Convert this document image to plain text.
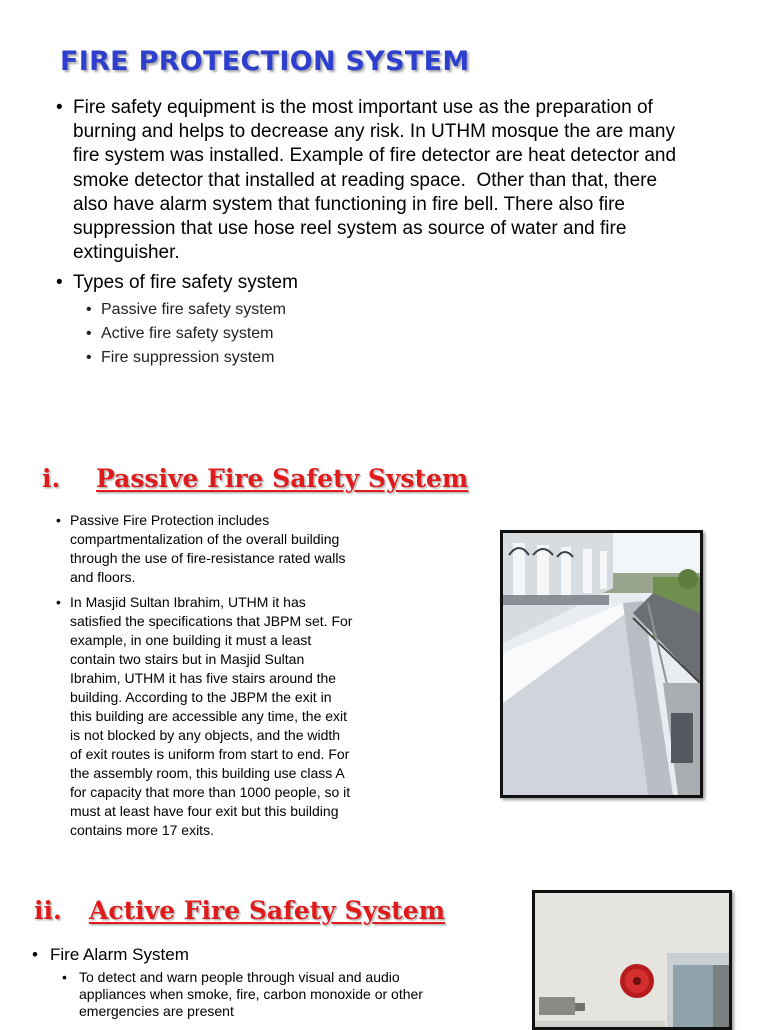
FIRE PROTECTION SYSTEM
• Fire safety equipment is the most important use as the preparation of
burning and helps to decrease any risk. In UTHM mosque the are many
fire system was installed. Example of fire detector are heat detector and
smoke detector that installed at reading space.  Other than that, there
also have alarm system that functioning in fire bell. There also fire
suppression that use hose reel system as source of water and fire
extinguisher.
• Types of fire safety system
• Passive fire safety system
• Active fire safety system
• Fire suppression system
i. Passive Fire Safety System
• Passive Fire Protection includes
compartmentalization of the overall building
through the use of fire-resistance rated walls
and floors.
• In Masjid Sultan Ibrahim, UTHM it has
satisfied the specifications that JBPM set. For
example, in one building it must a least
contain two stairs but in Masjid Sultan
Ibrahim, UTHM it has five stairs around the
building. According to the JBPM the exit in
this building are accessible any time, the exit
is not blocked by any objects, and the width
of exit routes is uniform from start to end. For
the assembly room, this building use class A
for capacity that more than 1000 people, so it
must at least have four exit but this building
contains more 17 exits.
ii. Active Fire Safety System
• Fire Alarm System
• To detect and warn people through visual and audio
appliances when smoke, fire, carbon monoxide or other
emergencies are present
